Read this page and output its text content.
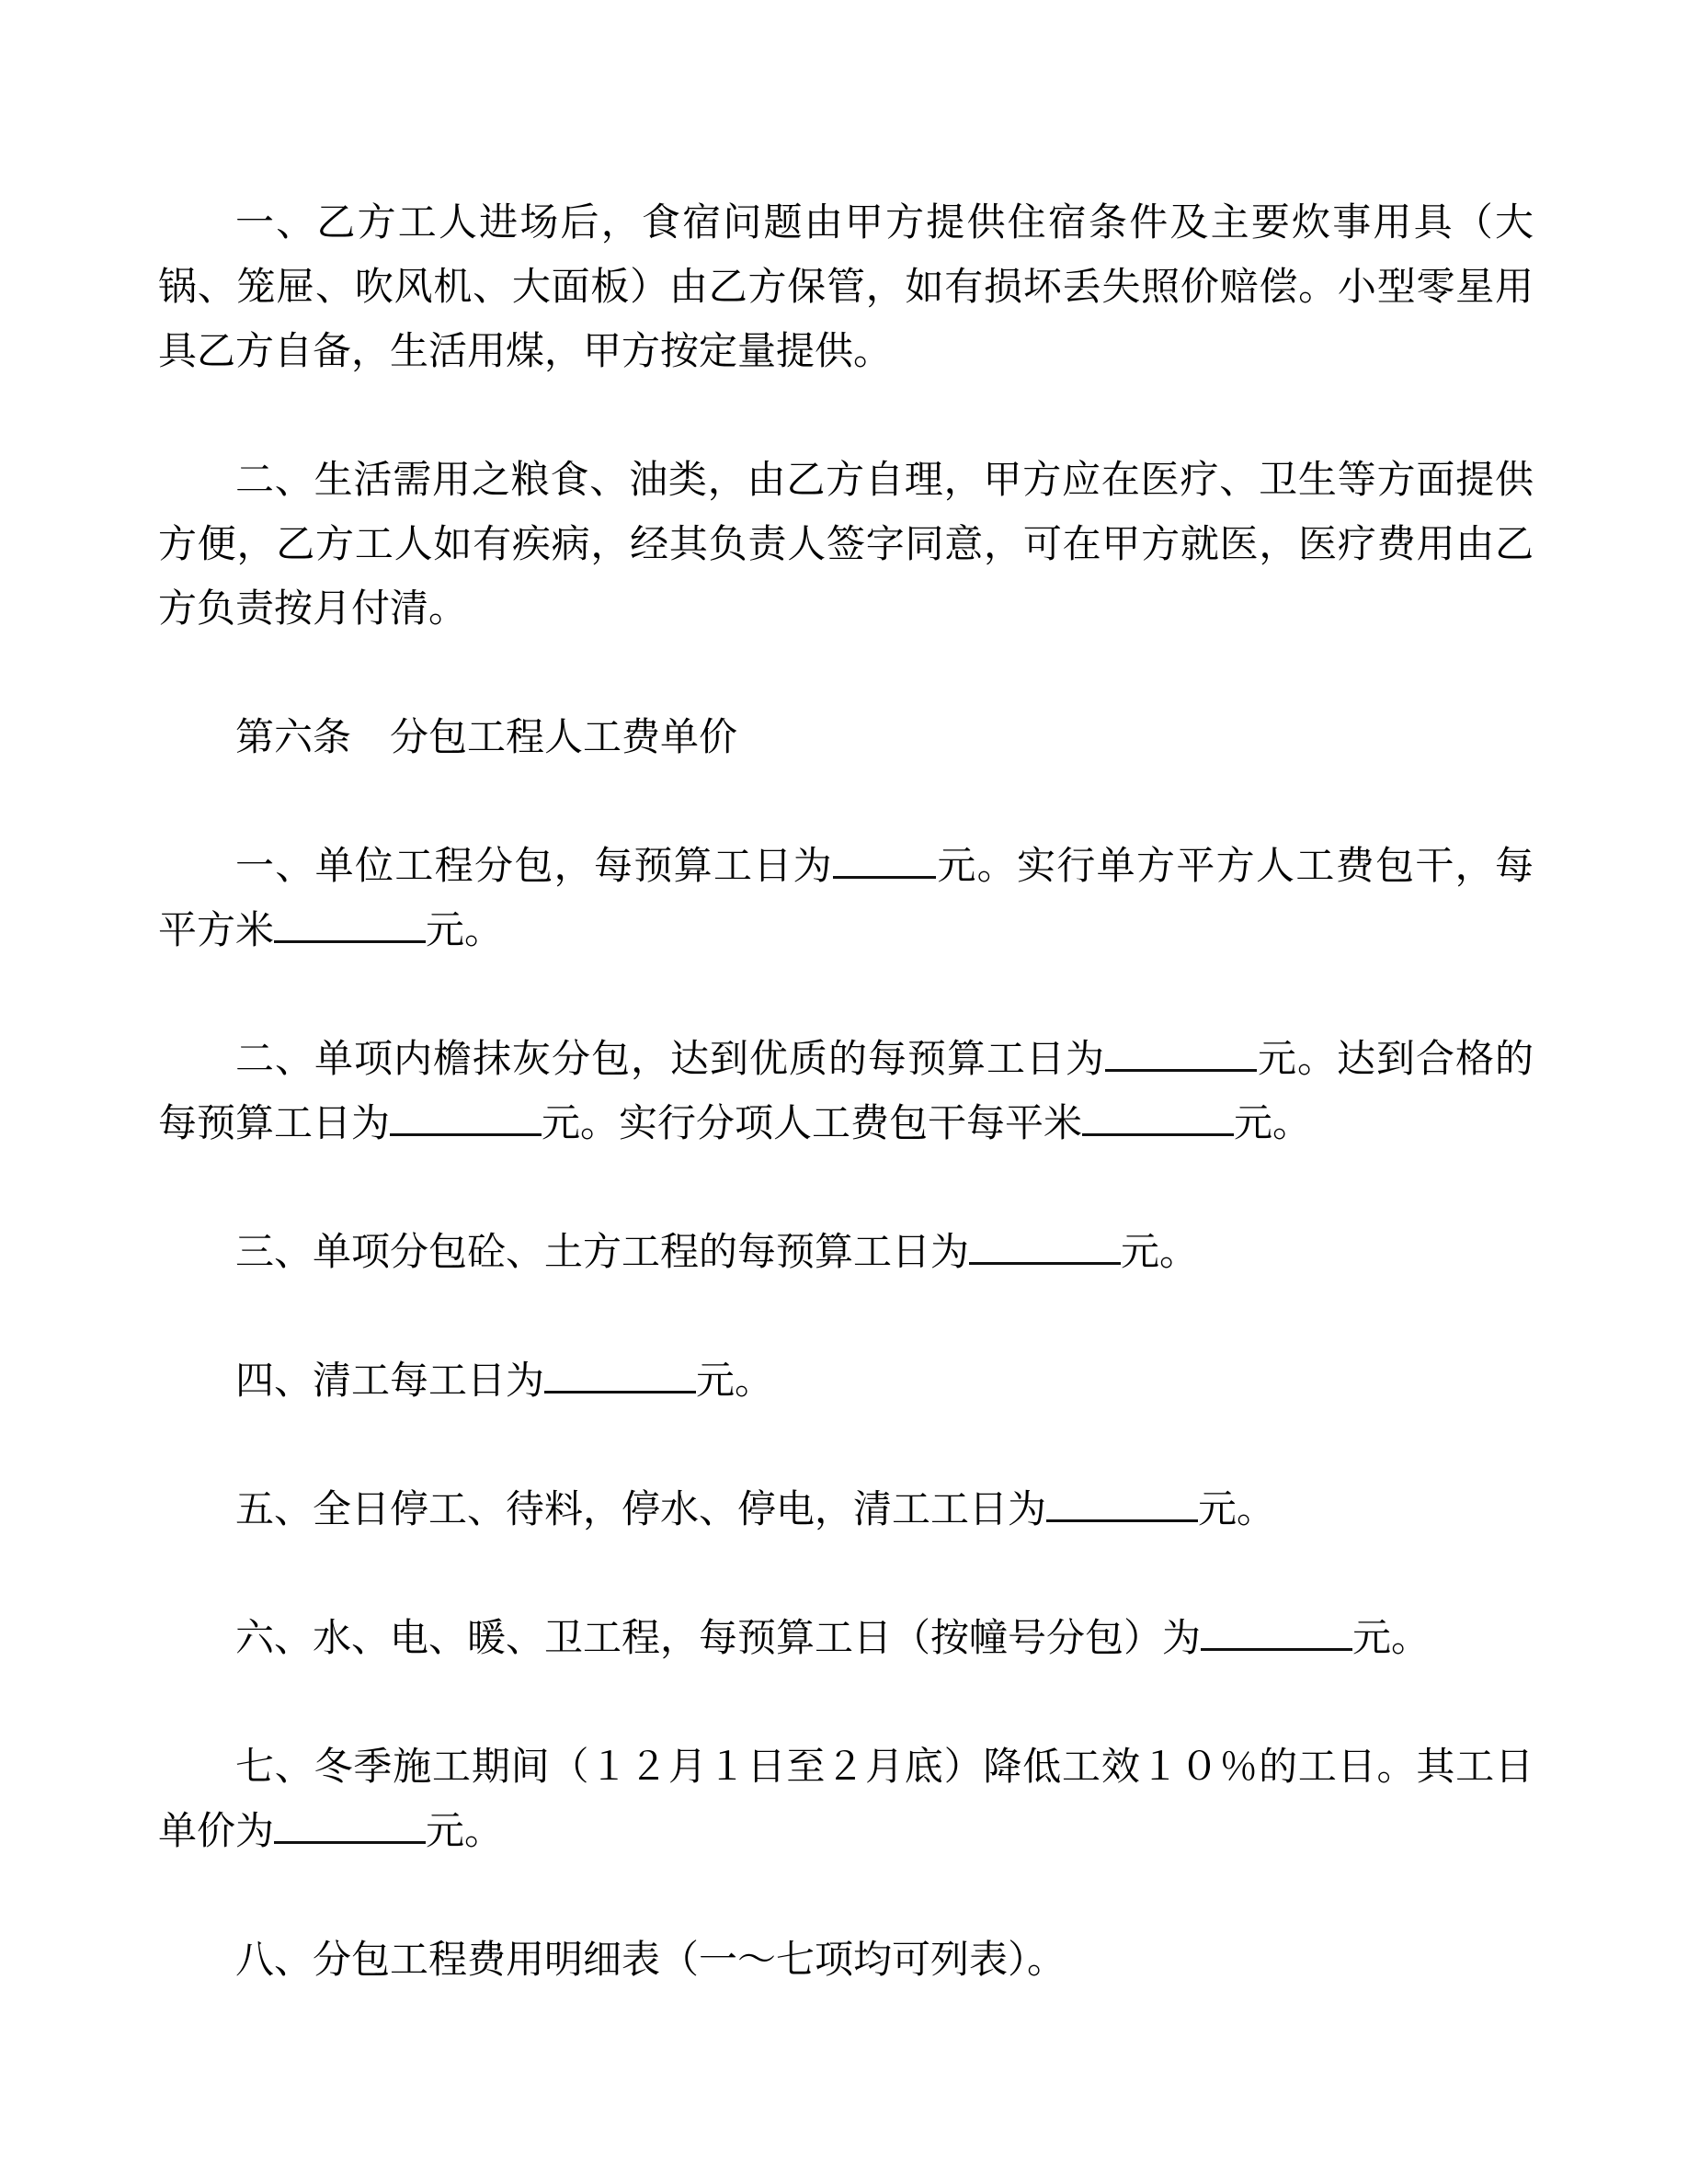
一、乙方工人进场后，食宿问题由甲方提供住宿条件及主要炊事用具（大锅、笼屉、吹风机、大面板）由乙方保管，如有损坏丢失照价赔偿。小型零星用具乙方自备，生活用煤，甲方按定量提供。

二、生活需用之粮食、油类，由乙方自理，甲方应在医疗、卫生等方面提供方便，乙方工人如有疾病，经其负责人签字同意，可在甲方就医，医疗费用由乙方负责按月付清。

第六条　分包工程人工费单价

一、单位工程分包，每预算工日为	元。实行单方平方人工费包干，每平方米	元。

二、单项内檐抹灰分包，达到优质的每预算工日为	元。达到合格的每预算工日为	元。实行分项人工费包干每平米	元。

三、单项分包砼、土方工程的每预算工日为	元。

四、清工每工日为	元。

五、全日停工、待料，停水、停电，清工工日为	元。

六、水、电、暖、卫工程，每预算工日（按幢号分包）为	元。

七、冬季施工期间（１２月１日至２月底）降低工效１０％的工日。其工日单价为	元。

八、分包工程费用明细表（一～七项均可列表）。
